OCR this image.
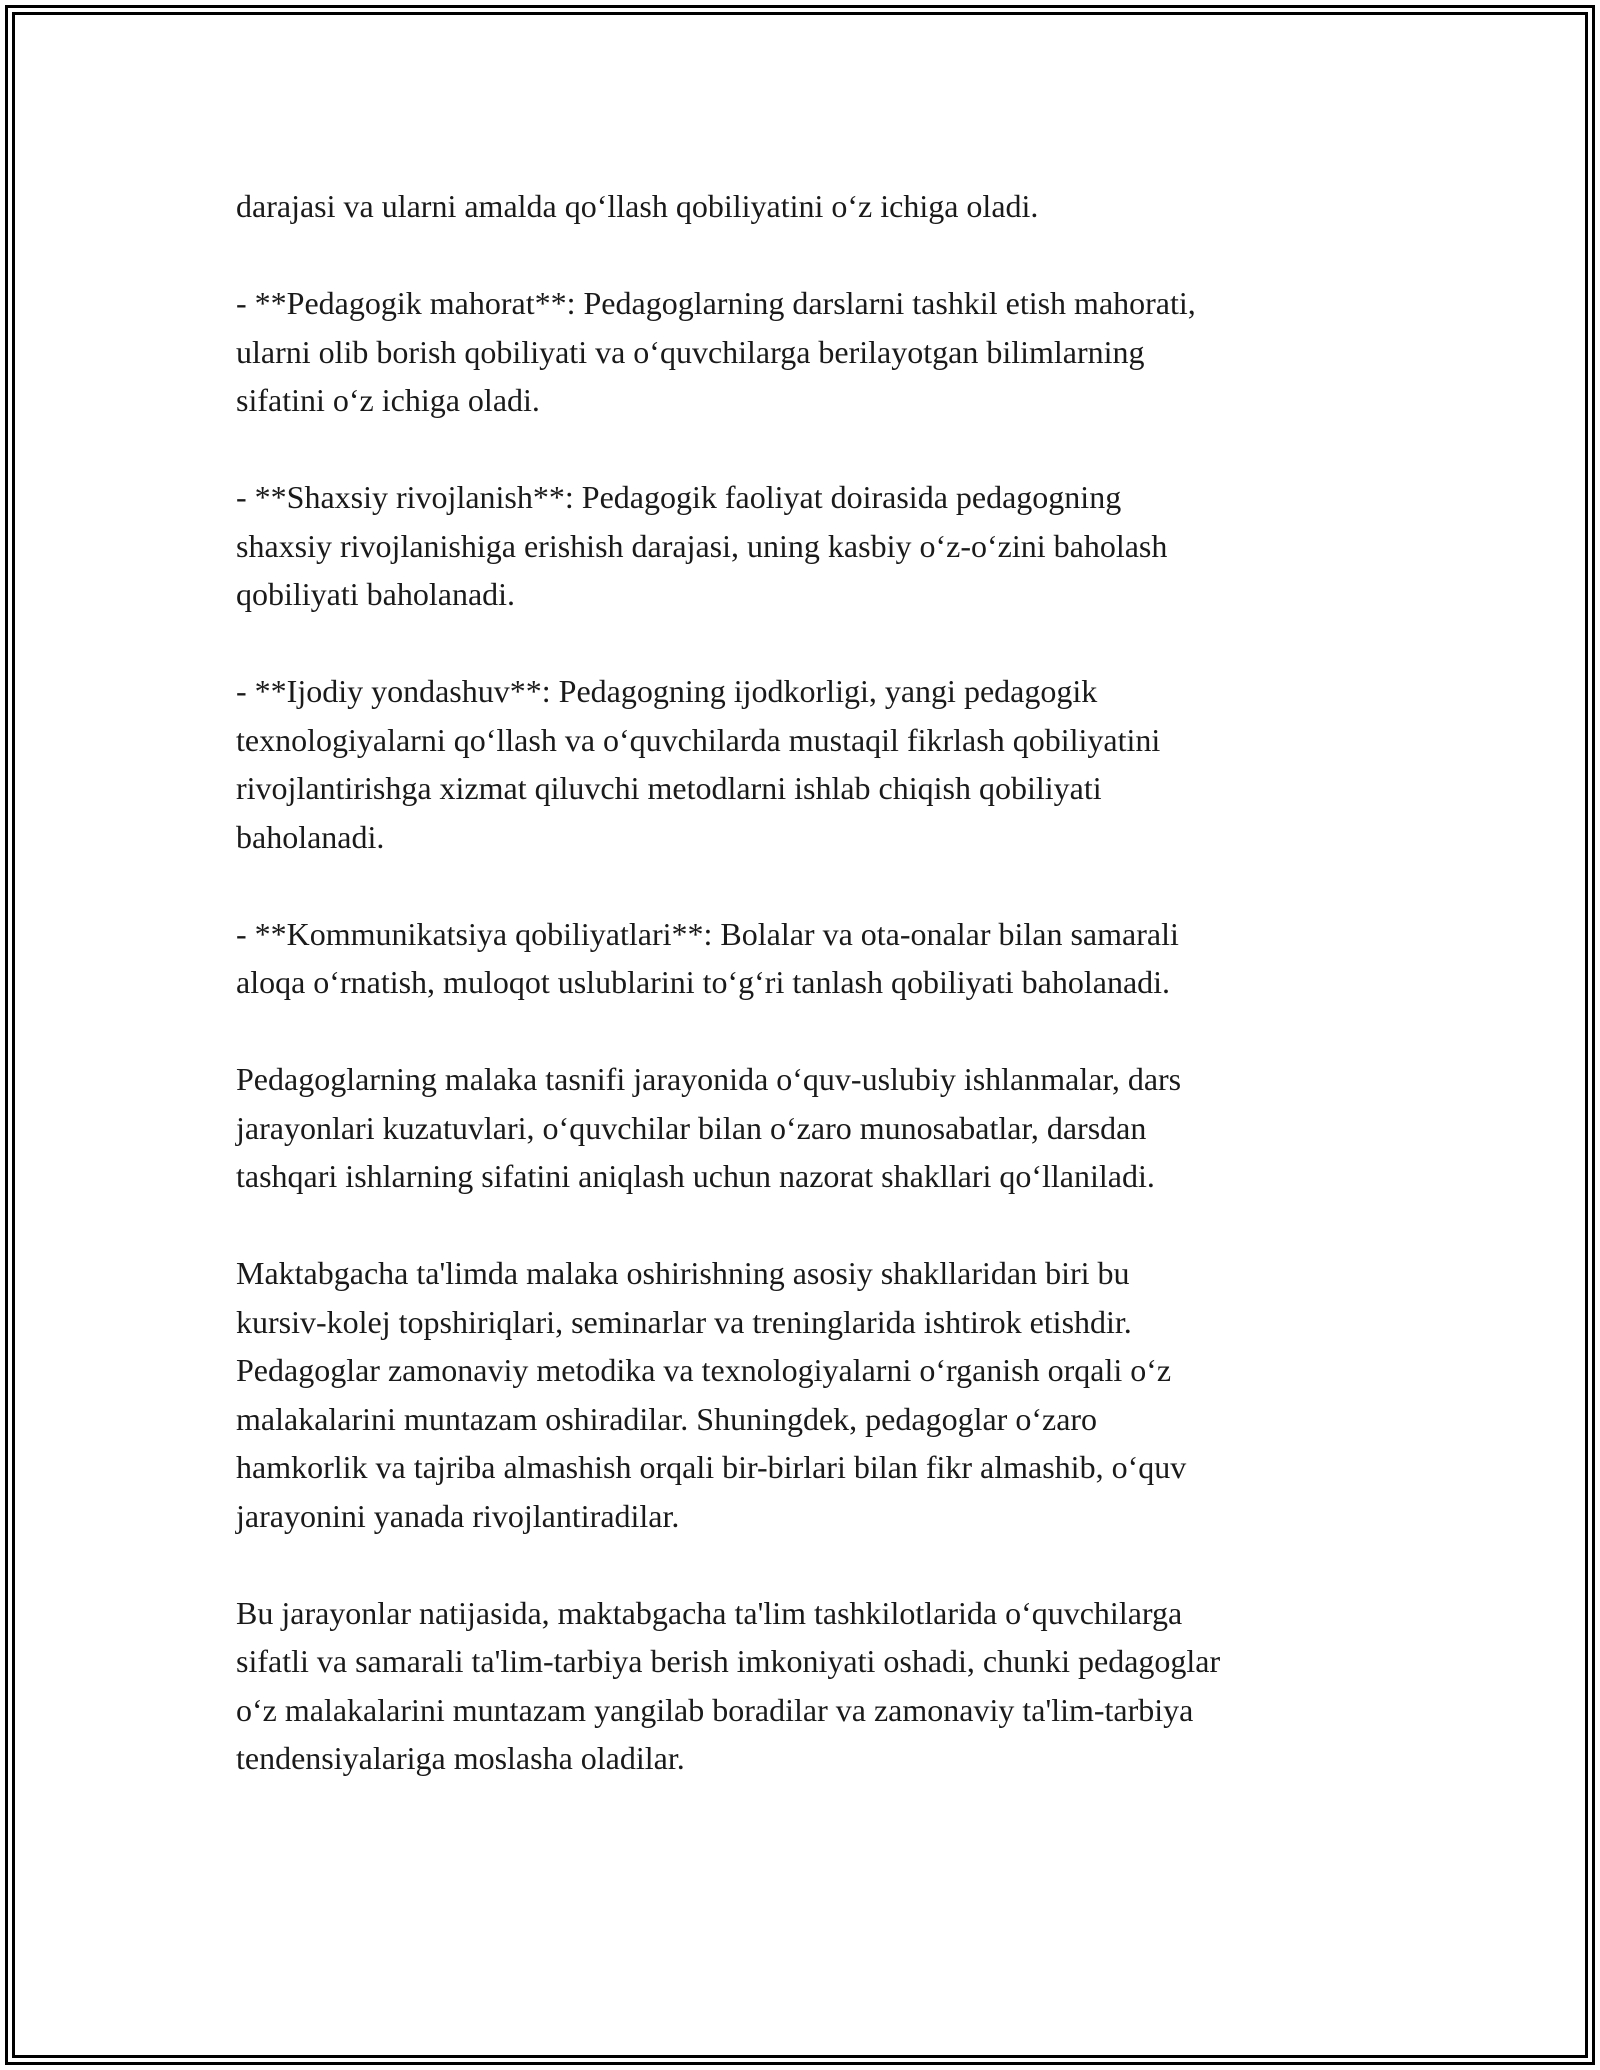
darajasi va ularni amalda qo‘llash qobiliyatini o‘z ichiga oladi.
- **Pedagogik mahorat**: Pedagoglarning darslarni tashkil etish mahorati,
ularni olib borish qobiliyati va o‘quvchilarga berilayotgan bilimlarning
sifatini o‘z ichiga oladi.
- **Shaxsiy rivojlanish**: Pedagogik faoliyat doirasida pedagogning
shaxsiy rivojlanishiga erishish darajasi, uning kasbiy o‘z-o‘zini baholash
qobiliyati baholanadi.
- **Ijodiy yondashuv**: Pedagogning ijodkorligi, yangi pedagogik
texnologiyalarni qo‘llash va o‘quvchilarda mustaqil fikrlash qobiliyatini
rivojlantirishga xizmat qiluvchi metodlarni ishlab chiqish qobiliyati
baholanadi.
- **Kommunikatsiya qobiliyatlari**: Bolalar va ota-onalar bilan samarali
aloqa o‘rnatish, muloqot uslublarini to‘g‘ri tanlash qobiliyati baholanadi.
Pedagoglarning malaka tasnifi jarayonida o‘quv-uslubiy ishlanmalar, dars
jarayonlari kuzatuvlari, o‘quvchilar bilan o‘zaro munosabatlar, darsdan
tashqari ishlarning sifatini aniqlash uchun nazorat shakllari qo‘llaniladi.
Maktabgacha ta'limda malaka oshirishning asosiy shakllaridan biri bu
kursiv-kolej topshiriqlari, seminarlar va treninglarida ishtirok etishdir.
Pedagoglar zamonaviy metodika va texnologiyalarni o‘rganish orqali o‘z
malakalarini muntazam oshiradilar. Shuningdek, pedagoglar o‘zaro
hamkorlik va tajriba almashish orqali bir-birlari bilan fikr almashib, o‘quv
jarayonini yanada rivojlantiradilar.
Bu jarayonlar natijasida, maktabgacha ta'lim tashkilotlarida o‘quvchilarga
sifatli va samarali ta'lim-tarbiya berish imkoniyati oshadi, chunki pedagoglar
o‘z malakalarini muntazam yangilab boradilar va zamonaviy ta'lim-tarbiya
tendensiyalariga moslasha oladilar.
